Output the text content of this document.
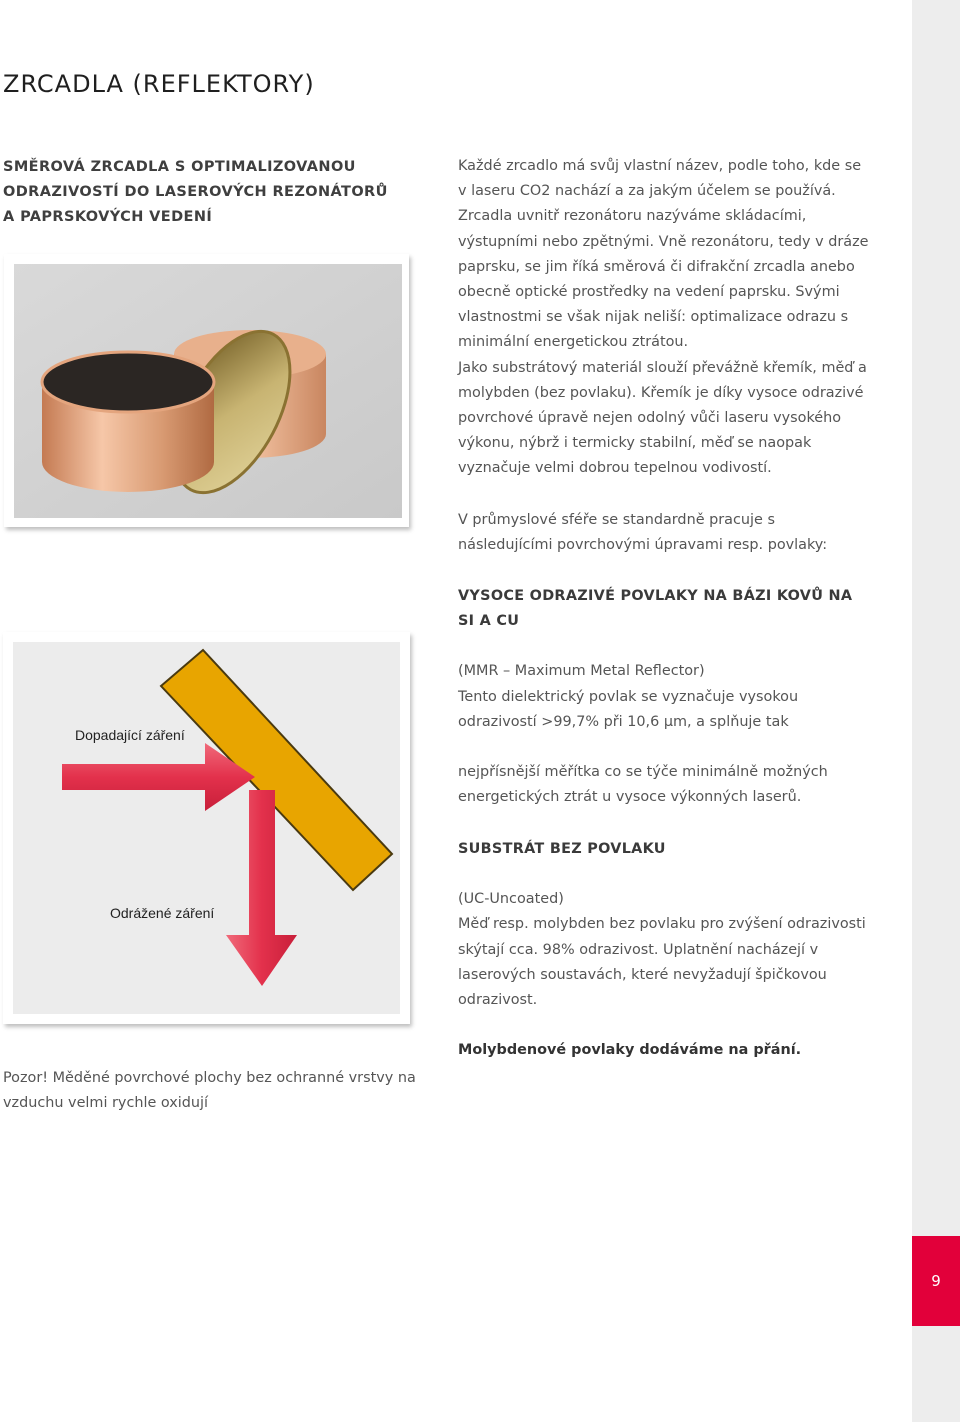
9
ZRCADLA (REFLEKTORY)
SMĚROVÁ ZRCADLA S OPTIMALIZOVANOU ODRAZIVOSTÍ DO LASEROVÝCH REZONÁTORŮ A PAPRSKOVÝCH VEDENÍ

Každé zrcadlo má svůj vlastní název, podle toho, kde se v laseru CO2 nachází a za jakým účelem se používá. Zrcadla uvnitř rezonátoru nazýváme skládacími, výstupními nebo zpětnými. Vně rezonátoru, tedy v dráze paprsku, se jim říká směrová či difrakční zrcadla anebo obecně optické prostředky na vedení paprsku. Svými vlastnostmi se však nijak neliší: optimalizace odrazu s minimální energetickou ztrátou.

Jako substrátový materiál slouží převážně křemík, měď a molybden (bez povlaku). Křemík je díky vysoce odrazivé povrchové úpravě nejen odolný vůči laseru vysokého výkonu, nýbrž i termicky stabilní, měď se naopak vyznačuje velmi dobrou tepelnou vodivostí.

V průmyslové sféře se standardně pracuje s následujícími povrchovými úpravami resp. povlaky:

VYSOCE ODRAZIVÉ POVLAKY NA BÁZI KOVŮ NA SI A CU

(MMR – Maximum Metal Reflector)

Tento dielektrický povlak se vyznačuje vysokou odrazivostí >99,7% při 10,6 µm, a splňuje tak

nejpřísnější měřítka co se týče minimálně možných energetických ztrát u vysoce výkonných laserů.

SUBSTRÁT BEZ POVLAKU

(UC-Uncoated)

Měď resp. molybden bez povlaku pro zvýšení odrazivosti skýtají cca. 98% odrazivost. Uplatnění nacházejí v laserových soustavách, které nevyžadují špičkovou odrazivost.

Molybdenové povlaky dodáváme na přání.

Dopadající záření
Odrážené záření

Pozor! Měděné povrchové plochy bez ochranné vrstvy na vzduchu velmi rychle oxidují
